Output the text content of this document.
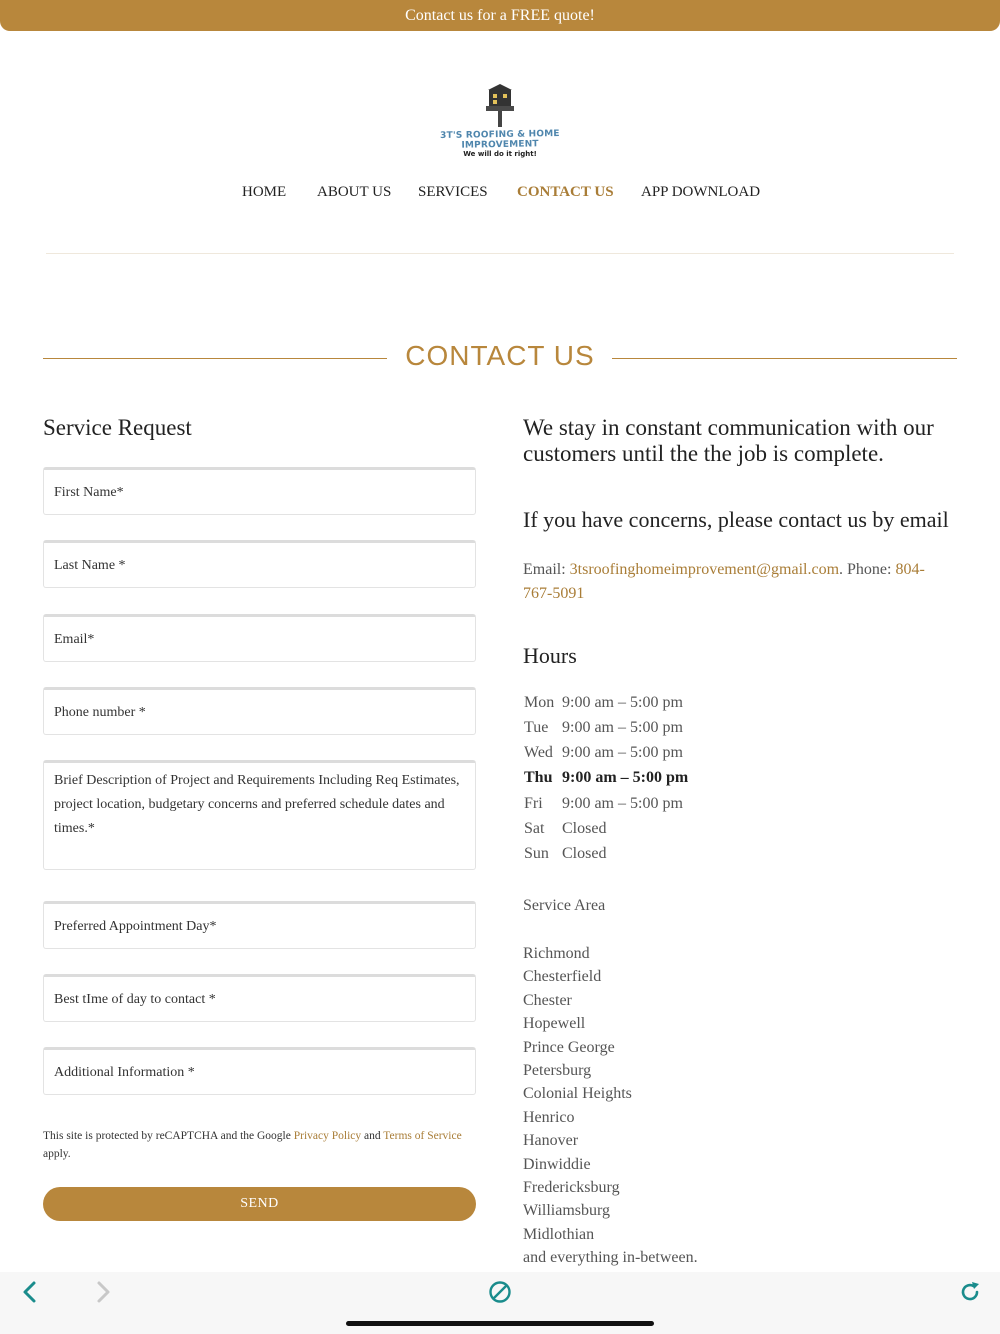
Contact us for a FREE quote!
3T'S ROOFING & HOME IMPROVEMENT
We will do it right!
HOME ABOUT US SERVICES CONTACT US APP DOWNLOAD
CONTACT US
Service Request
First Name*
Last Name *
Email*
Phone number *
Brief Description of Project and Requirements Including Req Estimates, project location, budgetary concerns and preferred schedule dates and times.*
Preferred Appointment Day*
Best tIme of day to contact *
Additional Information *
This site is protected by reCAPTCHA and the Google Privacy Policy and Terms of Service apply.
SEND
We stay in constant communication with our customers until the the job is complete.
If you have concerns, please contact us by email
Email: 3tsroofinghomeimprovement@gmail.com. Phone: 804-767-5091
Hours
Mon 9:00 am – 5:00 pm
Tue 9:00 am – 5:00 pm
Wed 9:00 am – 5:00 pm
Thu 9:00 am – 5:00 pm
Fri 9:00 am – 5:00 pm
Sat Closed
Sun Closed
Service Area
Richmond
Chesterfield
Chester
Hopewell
Prince George
Petersburg
Colonial Heights
Henrico
Hanover
Dinwiddie
Fredericksburg
Williamsburg
Midlothian
and everything in-between.
